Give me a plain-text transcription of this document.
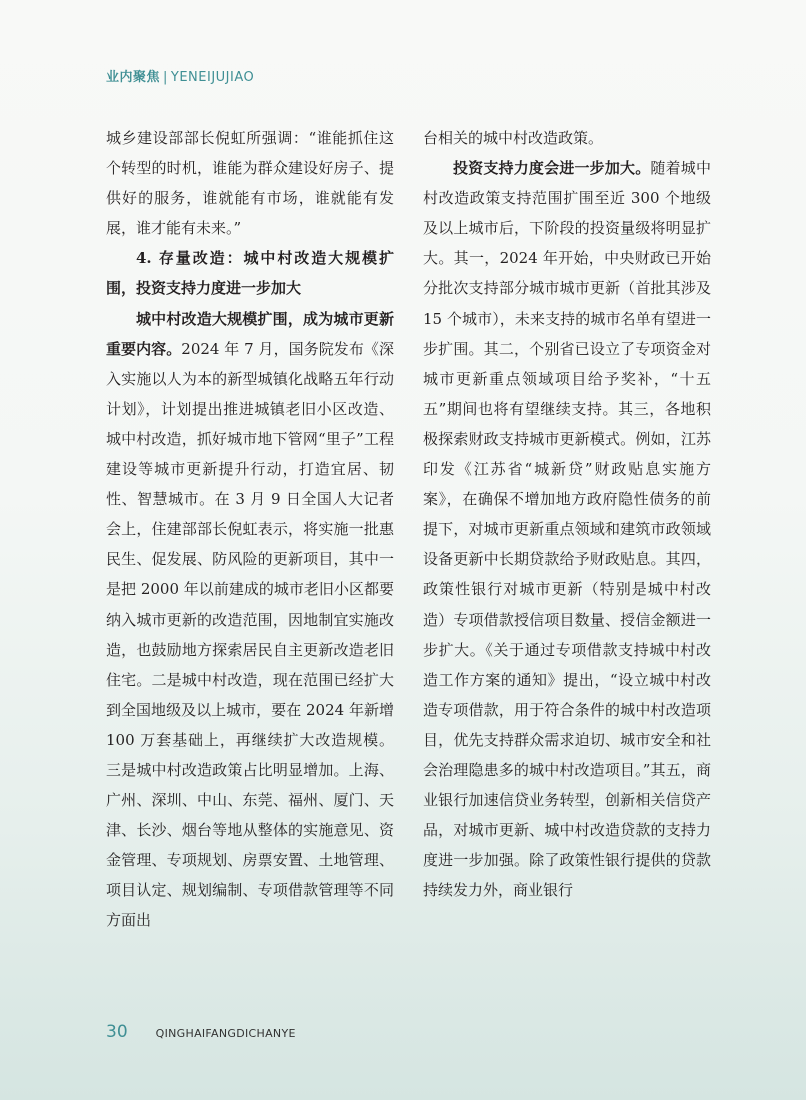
业内聚焦 | YENEIJUJIAO

城乡建设部部长倪虹所强调：“谁能抓住这个转型的时机，谁能为群众建设好房子、提供好的服务，谁就能有市场，谁就能有发展，谁才能有未来。”

4. 存量改造：城中村改造大规模扩围，投资支持力度进一步加大

城中村改造大规模扩围，成为城市更新重要内容。2024 年 7 月，国务院发布《深入实施以人为本的新型城镇化战略五年行动计划》，计划提出推进城镇老旧小区改造、城中村改造，抓好城市地下管网“里子”工程建设等城市更新提升行动，打造宜居、韧性、智慧城市。在 3 月 9 日全国人大记者会上，住建部部长倪虹表示，将实施一批惠民生、促发展、防风险的更新项目，其中一是把 2000 年以前建成的城市老旧小区都要纳入城市更新的改造范围，因地制宜实施改造，也鼓励地方探索居民自主更新改造老旧住宅。二是城中村改造，现在范围已经扩大到全国地级及以上城市，要在 2024 年新增 100 万套基础上，再继续扩大改造规模。三是城中村改造政策占比明显增加。上海、广州、深圳、中山、东莞、福州、厦门、天津、长沙、烟台等地从整体的实施意见、资金管理、专项规划、房票安置、土地管理、项目认定、规划编制、专项借款管理等不同方面出

台相关的城中村改造政策。

投资支持力度会进一步加大。随着城中村改造政策支持范围扩围至近 300 个地级及以上城市后，下阶段的投资量级将明显扩大。其一，2024 年开始，中央财政已开始分批次支持部分城市城市更新（首批其涉及 15 个城市），未来支持的城市名单有望进一步扩围。其二，个别省已设立了专项资金对城市更新重点领域项目给予奖补，“十五五”期间也将有望继续支持。其三，各地积极探索财政支持城市更新模式。例如，江苏印发《江苏省“城新贷”财政贴息实施方案》，在确保不增加地方政府隐性债务的前提下，对城市更新重点领域和建筑市政领域设备更新中长期贷款给予财政贴息。其四，政策性银行对城市更新（特别是城中村改造）专项借款授信项目数量、授信金额进一步扩大。《关于通过专项借款支持城中村改造工作方案的通知》提出，“设立城中村改造专项借款，用于符合条件的城中村改造项目，优先支持群众需求迫切、城市安全和社会治理隐患多的城中村改造项目。”其五，商业银行加速信贷业务转型，创新相关信贷产品，对城市更新、城中村改造贷款的支持力度进一步加强。除了政策性银行提供的贷款持续发力外，商业银行

30	QINGHAIFANGDICHANYE
